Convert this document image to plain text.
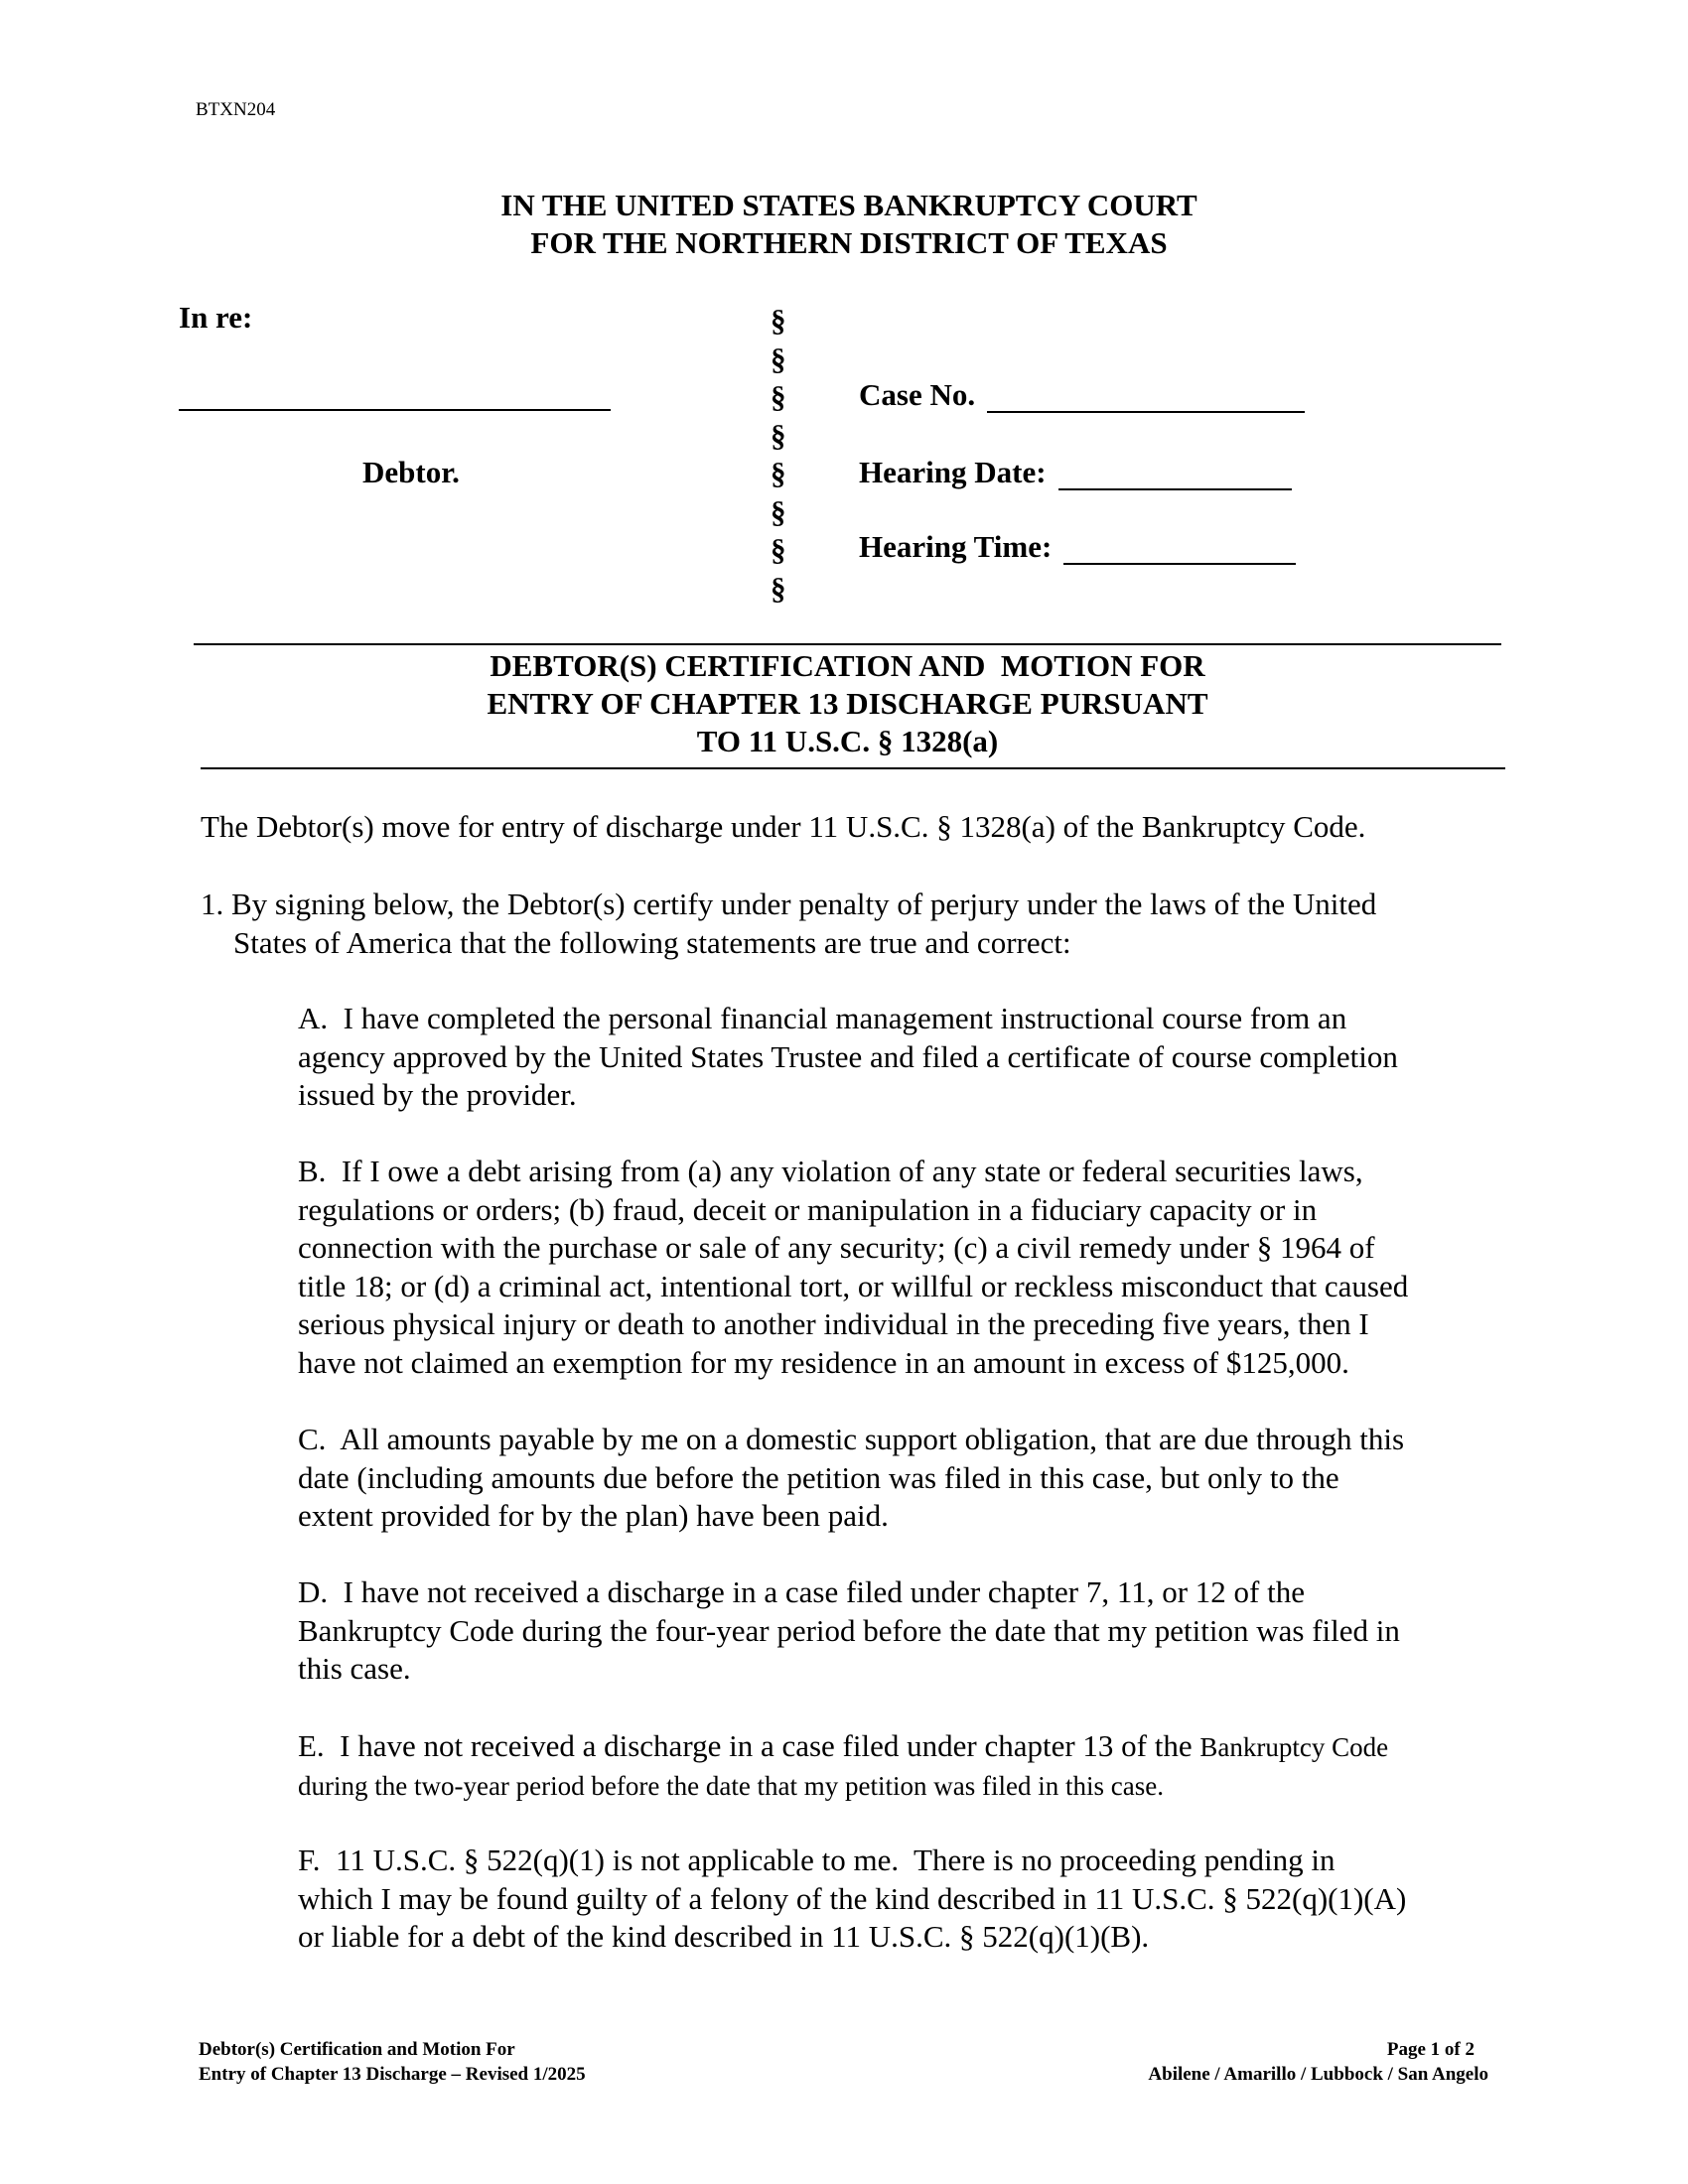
BTXN204
IN THE UNITED STATES BANKRUPTCY COURT
FOR THE NORTHERN DISTRICT OF TEXAS
In re:
Debtor.
§
§
§
§
§
§
§
§
Case No.
Hearing Date:
Hearing Time:
DEBTOR(S) CERTIFICATION AND  MOTION FOR
ENTRY OF CHAPTER 13 DISCHARGE PURSUANT
TO 11 U.S.C. § 1328(a)
The Debtor(s) move for entry of discharge under 11 U.S.C. § 1328(a) of the Bankruptcy Code.
1. By signing below, the Debtor(s) certify under penalty of perjury under the laws of the United
States of America that the following statements are true and correct:
A.  I have completed the personal financial management instructional course from an
agency approved by the United States Trustee and filed a certificate of course completion
issued by the provider.
B.  If I owe a debt arising from (a) any violation of any state or federal securities laws,
regulations or orders; (b) fraud, deceit or manipulation in a fiduciary capacity or in
connection with the purchase or sale of any security; (c) a civil remedy under § 1964 of
title 18; or (d) a criminal act, intentional tort, or willful or reckless misconduct that caused
serious physical injury or death to another individual in the preceding five years, then I
have not claimed an exemption for my residence in an amount in excess of $125,000.
C.  All amounts payable by me on a domestic support obligation, that are due through this
date (including amounts due before the petition was filed in this case, but only to the
extent provided for by the plan) have been paid.
D.  I have not received a discharge in a case filed under chapter 7, 11, or 12 of the
Bankruptcy Code during the four-year period before the date that my petition was filed in
this case.
E.  I have not received a discharge in a case filed under chapter 13 of the Bankruptcy Code
during the two-year period before the date that my petition was filed in this case.
F.  11 U.S.C. § 522(q)(1) is not applicable to me.  There is no proceeding pending in
which I may be found guilty of a felony of the kind described in 11 U.S.C. § 522(q)(1)(A)
or liable for a debt of the kind described in 11 U.S.C. § 522(q)(1)(B).
Debtor(s) Certification and Motion For
Entry of Chapter 13 Discharge – Revised 1/2025
Page 1 of 2
Abilene / Amarillo / Lubbock / San Angelo
